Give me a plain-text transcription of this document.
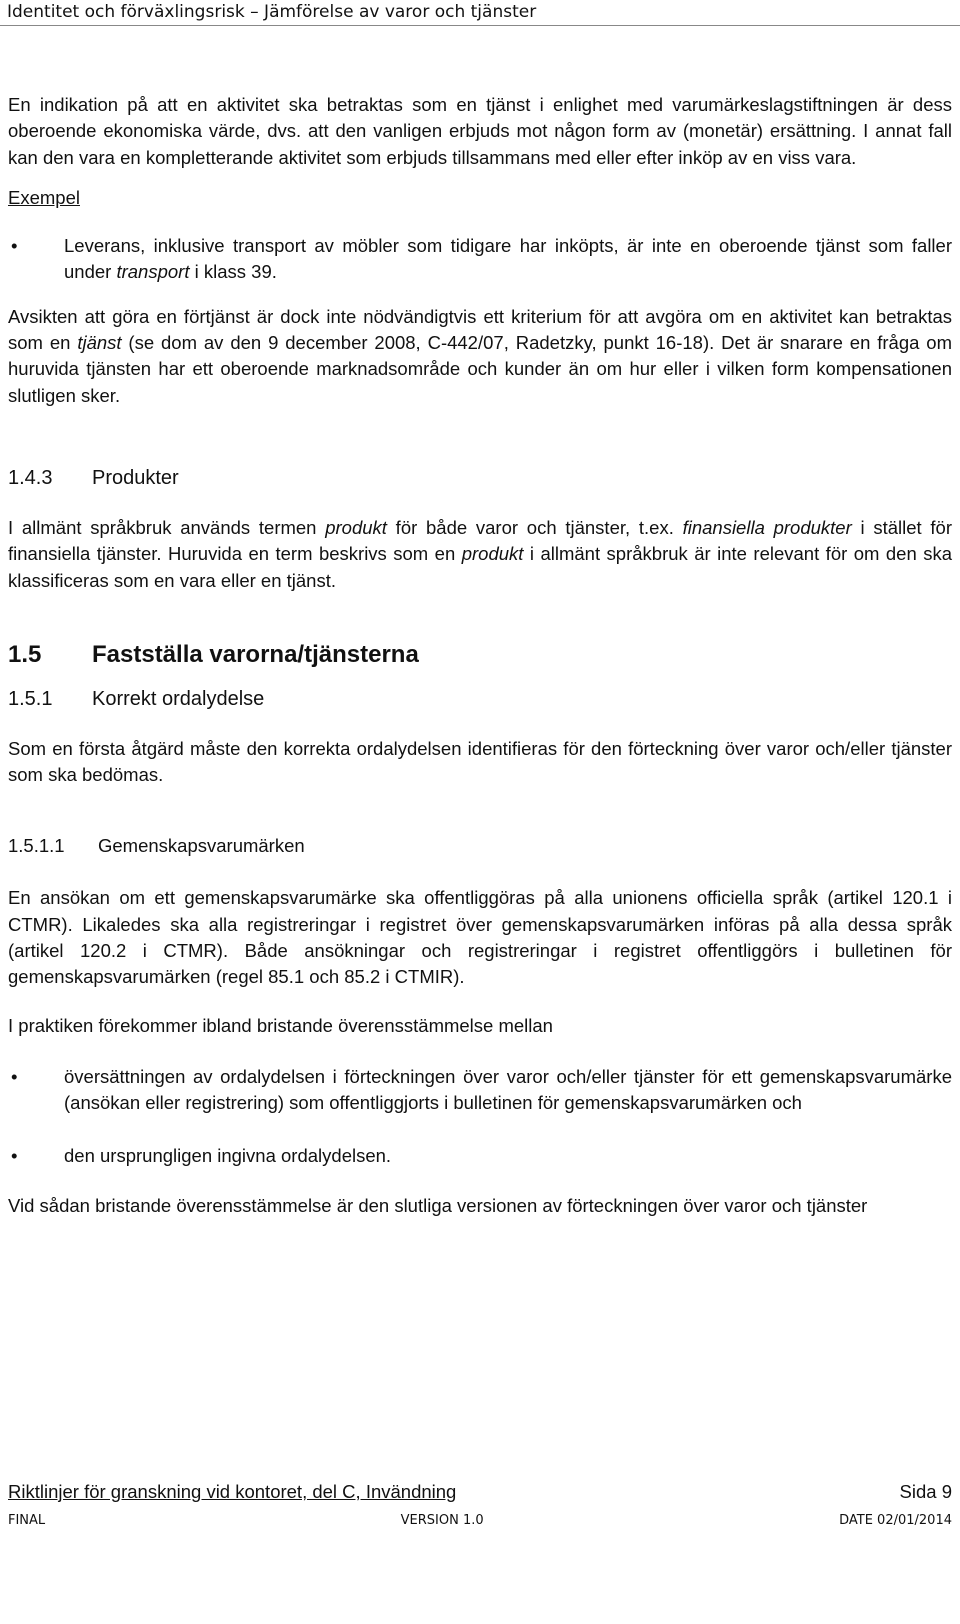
Identitet och förväxlingsrisk – Jämförelse av varor och tjänster

En indikation på att en aktivitet ska betraktas som en tjänst i enlighet med varumärkeslagstiftningen är dess oberoende ekonomiska värde, dvs. att den vanligen erbjuds mot någon form av (monetär) ersättning. I annat fall kan den vara en kompletterande aktivitet som erbjuds tillsammans med eller efter inköp av en viss vara.

Exempel

•	Leverans, inklusive transport av möbler som tidigare har inköpts, är inte en oberoende tjänst som faller under transport i klass 39.

Avsikten att göra en förtjänst är dock inte nödvändigtvis ett kriterium för att avgöra om en aktivitet kan betraktas som en tjänst (se dom av den 9 december 2008, C-442/07, Radetzky, punkt 16-18). Det är snarare en fråga om huruvida tjänsten har ett oberoende marknadsområde och kunder än om hur eller i vilken form kompensationen slutligen sker.

1.4.3	Produkter

I allmänt språkbruk används termen produkt för både varor och tjänster, t.ex. finansiella produkter i stället för finansiella tjänster. Huruvida en term beskrivs som en produkt i allmänt språkbruk är inte relevant för om den ska klassificeras som en vara eller en tjänst.

1.5	Fastställa varorna/tjänsterna
1.5.1	Korrekt ordalydelse

Som en första åtgärd måste den korrekta ordalydelsen identifieras för den förteckning över varor och/eller tjänster som ska bedömas.

1.5.1.1	Gemenskapsvarumärken

En ansökan om ett gemenskapsvarumärke ska offentliggöras på alla unionens officiella språk (artikel 120.1 i CTMR). Likaledes ska alla registreringar i registret över gemenskapsvarumärken införas på alla dessa språk (artikel 120.2 i CTMR). Både ansökningar och registreringar i registret offentliggörs i bulletinen för gemenskapsvarumärken (regel 85.1 och 85.2 i CTMIR).

I praktiken förekommer ibland bristande överensstämmelse mellan

•	översättningen av ordalydelsen i förteckningen över varor och/eller tjänster för ett gemenskapsvarumärke (ansökan eller registrering) som offentliggjorts i bulletinen för gemenskapsvarumärken och

•	den ursprungligen ingivna ordalydelsen.

Vid sådan bristande överensstämmelse är den slutliga versionen av förteckningen över varor och tjänster

Riktlinjer för granskning vid kontoret, del C, Invändning	Sida 9
FINAL	VERSION 1.0	DATE 02/01/2014
